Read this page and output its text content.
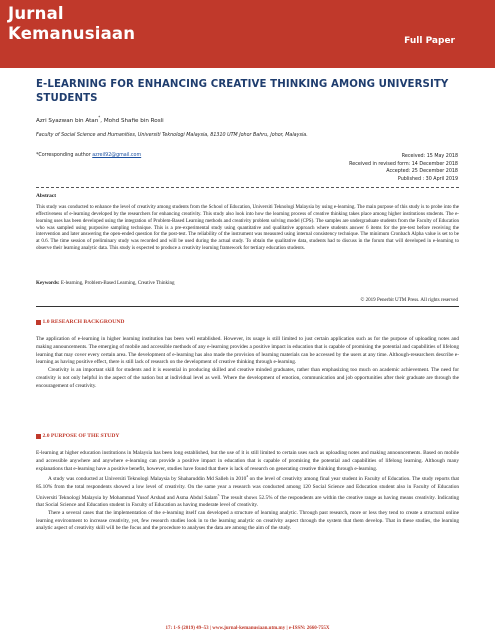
Jurnal
Kemanusiaan	Full Paper
E-LEARNING FOR ENHANCING CREATIVE THINKING AMONG UNIVERSITY
STUDENTS
Azri Syazwan bin Atan*, Mohd Shafie bin Rosli
Faculty of Social Science and Humanities, Universiti Teknologi Malaysia, 81310 UTM Johor Bahru, Johor, Malaysia.
*Corresponding author azreil92@gmail.com	Received: 15 May 2018
Received in revised form: 14 December 2018
Accepted: 25 December 2018
Published : 30 April 2019
Abstract
This study was conducted to enhance the level of creativity among students from the School of Education, Universiti Teknologi Malaysia by using e-learning. The main purpose of this study is to probe into the effectiveness of e-learning developed by the researchers for enhancing creativity. This study also look into how the learning process of creative thinking takes place among higher institutions students. The e-learning uses has been developed using the integration of Problem-Based Learning methods and creativity problem solving model (CPS). The samples are undergraduate students from the Faculty of Education who was sampled using purposive sampling technique. This is a pre-experimental study using quantitative and qualitative approach where students answer 6 items for the pre-test before receiving the intervention and later answering the open-ended question for the post-test. The reliability of the instrument was measured using internal consistency technique. The minimum Cronbach Alpha value is set to be at 0.6. The time session of preliminary study was recorded and will be used during the actual study. To obtain the qualitative data, students had to discuss in the forum that will developed in e-learning to observe their learning analytic data. This study is expected to produce a creativity learning framework for tertiary education students.
Keywords: E-learning, Problem-Based Learning, Creative Thinking
© 2019 Penerbit UTM Press. All rights reserved
1.0 RESEARCH BACKGROUND

The application of e-learning in higher learning institution has been well established. However, its usage is still limited to just certain application such as for the purpose of uploading notes and making announcements. The emerging of mobile and accessible methods of any e-learning provides a positive impact in education that is capable of promising the potential and capabilities of lifelong learning that may cover every certain area. The development of e-learning has also made the provision of learning materials can be accessed by the users at any time. Although-researchers describe e-learning as having positive effect, there is still lack of research on the development of creative thinking through e-learning.

Creativity is an important skill for students and it is essential in producing skilled and creative minded graduates, rather than emphasizing too much on academic achievement. The need for creativity is not only helpful in the aspect of the nation but at individual level as well. Where the development of emotion, communication and job opportunities after their graduate are through the encouragement of creativity.

2.0 PURPOSE OF THE STUDY

E-learning at higher education institutions in Malaysia has been long established, but the use of it is still limited to certain uses such as uploading notes and making announcements. Based on mobile and accessible anywhere and anywhere e-learning can provide a positive impact in education that is capable of promising the potential and capabilities of lifelong learning. Although many explanations that e-learning have a positive benefit, however, studies have found that there is lack of research on generating creative thinking through e-learning.

A study was conducted at Universiti Teknologi Malaysia by Shaharuddin Md Salleh in 2010$^4$ on the level of creativity among final year student in Faculty of Education. The study reports that 85.10% from the total respondents showed a low level of creativity. On the same year a research was conducted among 120 Social Science and Education student also in Faculty of Education Universiti Teknologi Malaysia by Mohammad Yusof Arshad and Asma Abdul Salam$^5$ The result shows 52.5% of the respondents are within the creative range as having means creativity. Indicating that Social Science and Education student in Faculty of Education as having moderate level of creativity.

There a several cases that the implementation of the e-learning itself can developed a structure of learning analytic. Through past research, more or less they tend to create a structural online learning environment to increase creativity, yet, few research studies look in to the learning analytic on creativity aspect through the system that them develop. That in these studies, the learning analytic aspect of creativity skill will be the focus and the procedure to analyses the data are among the aim of the study.

17: 1-S (2019) 49–53 | www.jurnal-kemanusiaan.utm.my | e-ISSN: 2660-755X
